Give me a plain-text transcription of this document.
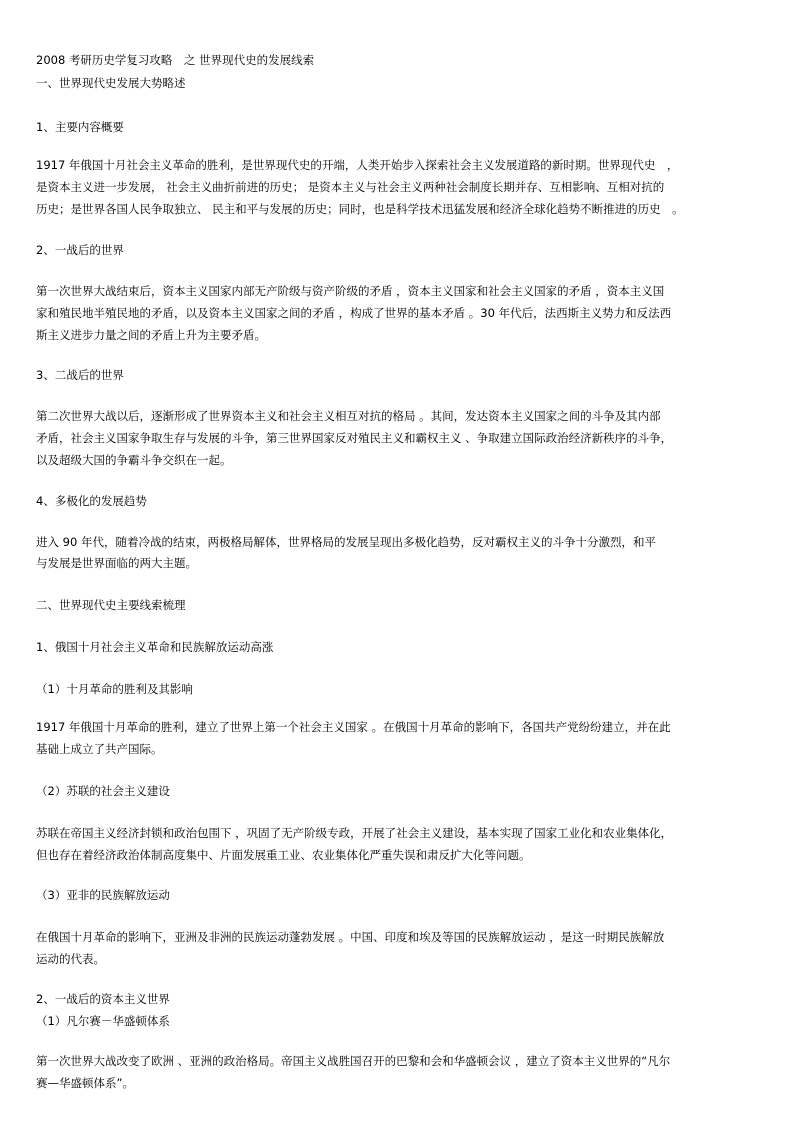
2008 考研历史学复习攻略　之 世界现代史的发展线索
一、世界现代史发展大势略述
1、主要内容概要
1917 年俄国十月社会主义革命的胜利，是世界现代史的开端，人类开始步入探索社会主义发展道路的新时期。世界现代史　，
是资本主义进一步发展， 社会主义曲折前进的历史； 是资本主义与社会主义两种社会制度长期并存、互相影响、互相对抗的
历史；是世界各国人民争取独立、 民主和平与发展的历史；同时，也是科学技术迅猛发展和经济全球化趋势不断推进的历史　。
2、一战后的世界
第一次世界大战结束后，资本主义国家内部无产阶级与资产阶级的矛盾 ，资本主义国家和社会主义国家的矛盾 ，资本主义国
家和殖民地半殖民地的矛盾，以及资本主义国家之间的矛盾 ，构成了世界的基本矛盾 。30 年代后，法西斯主义势力和反法西
斯主义进步力量之间的矛盾上升为主要矛盾。
3、二战后的世界
第二次世界大战以后，逐渐形成了世界资本主义和社会主义相互对抗的格局 。其间，发达资本主义国家之间的斗争及其内部
矛盾，社会主义国家争取生存与发展的斗争，第三世界国家反对殖民主义和霸权主义 、争取建立国际政治经济新秩序的斗争，
以及超级大国的争霸斗争交织在一起。
4、多极化的发展趋势
进入 90 年代，随着冷战的结束，两极格局解体，世界格局的发展呈现出多极化趋势，反对霸权主义的斗争十分激烈，和平
与发展是世界面临的两大主题。
二、世界现代史主要线索梳理
1、俄国十月社会主义革命和民族解放运动高涨
（1）十月革命的胜利及其影响
1917 年俄国十月革命的胜利，建立了世界上第一个社会主义国家 。在俄国十月革命的影响下，各国共产党纷纷建立，并在此
基础上成立了共产国际。
（2）苏联的社会主义建设
苏联在帝国主义经济封锁和政治包围下 ，巩固了无产阶级专政，开展了社会主义建设，基本实现了国家工业化和农业集体化，
但也存在着经济政治体制高度集中、片面发展重工业、农业集体化严重失误和肃反扩大化等问题。
（3）亚非的民族解放运动
在俄国十月革命的影响下，亚洲及非洲的民族运动蓬勃发展 。中国、印度和埃及等国的民族解放运动 ，是这一时期民族解放
运动的代表。
2、一战后的资本主义世界
（1）凡尔赛－华盛顿体系
第一次世界大战改变了欧洲 、亚洲的政治格局。帝国主义战胜国召开的巴黎和会和华盛顿会议 ，建立了资本主义世界的“凡尔
赛—华盛顿体系”。
